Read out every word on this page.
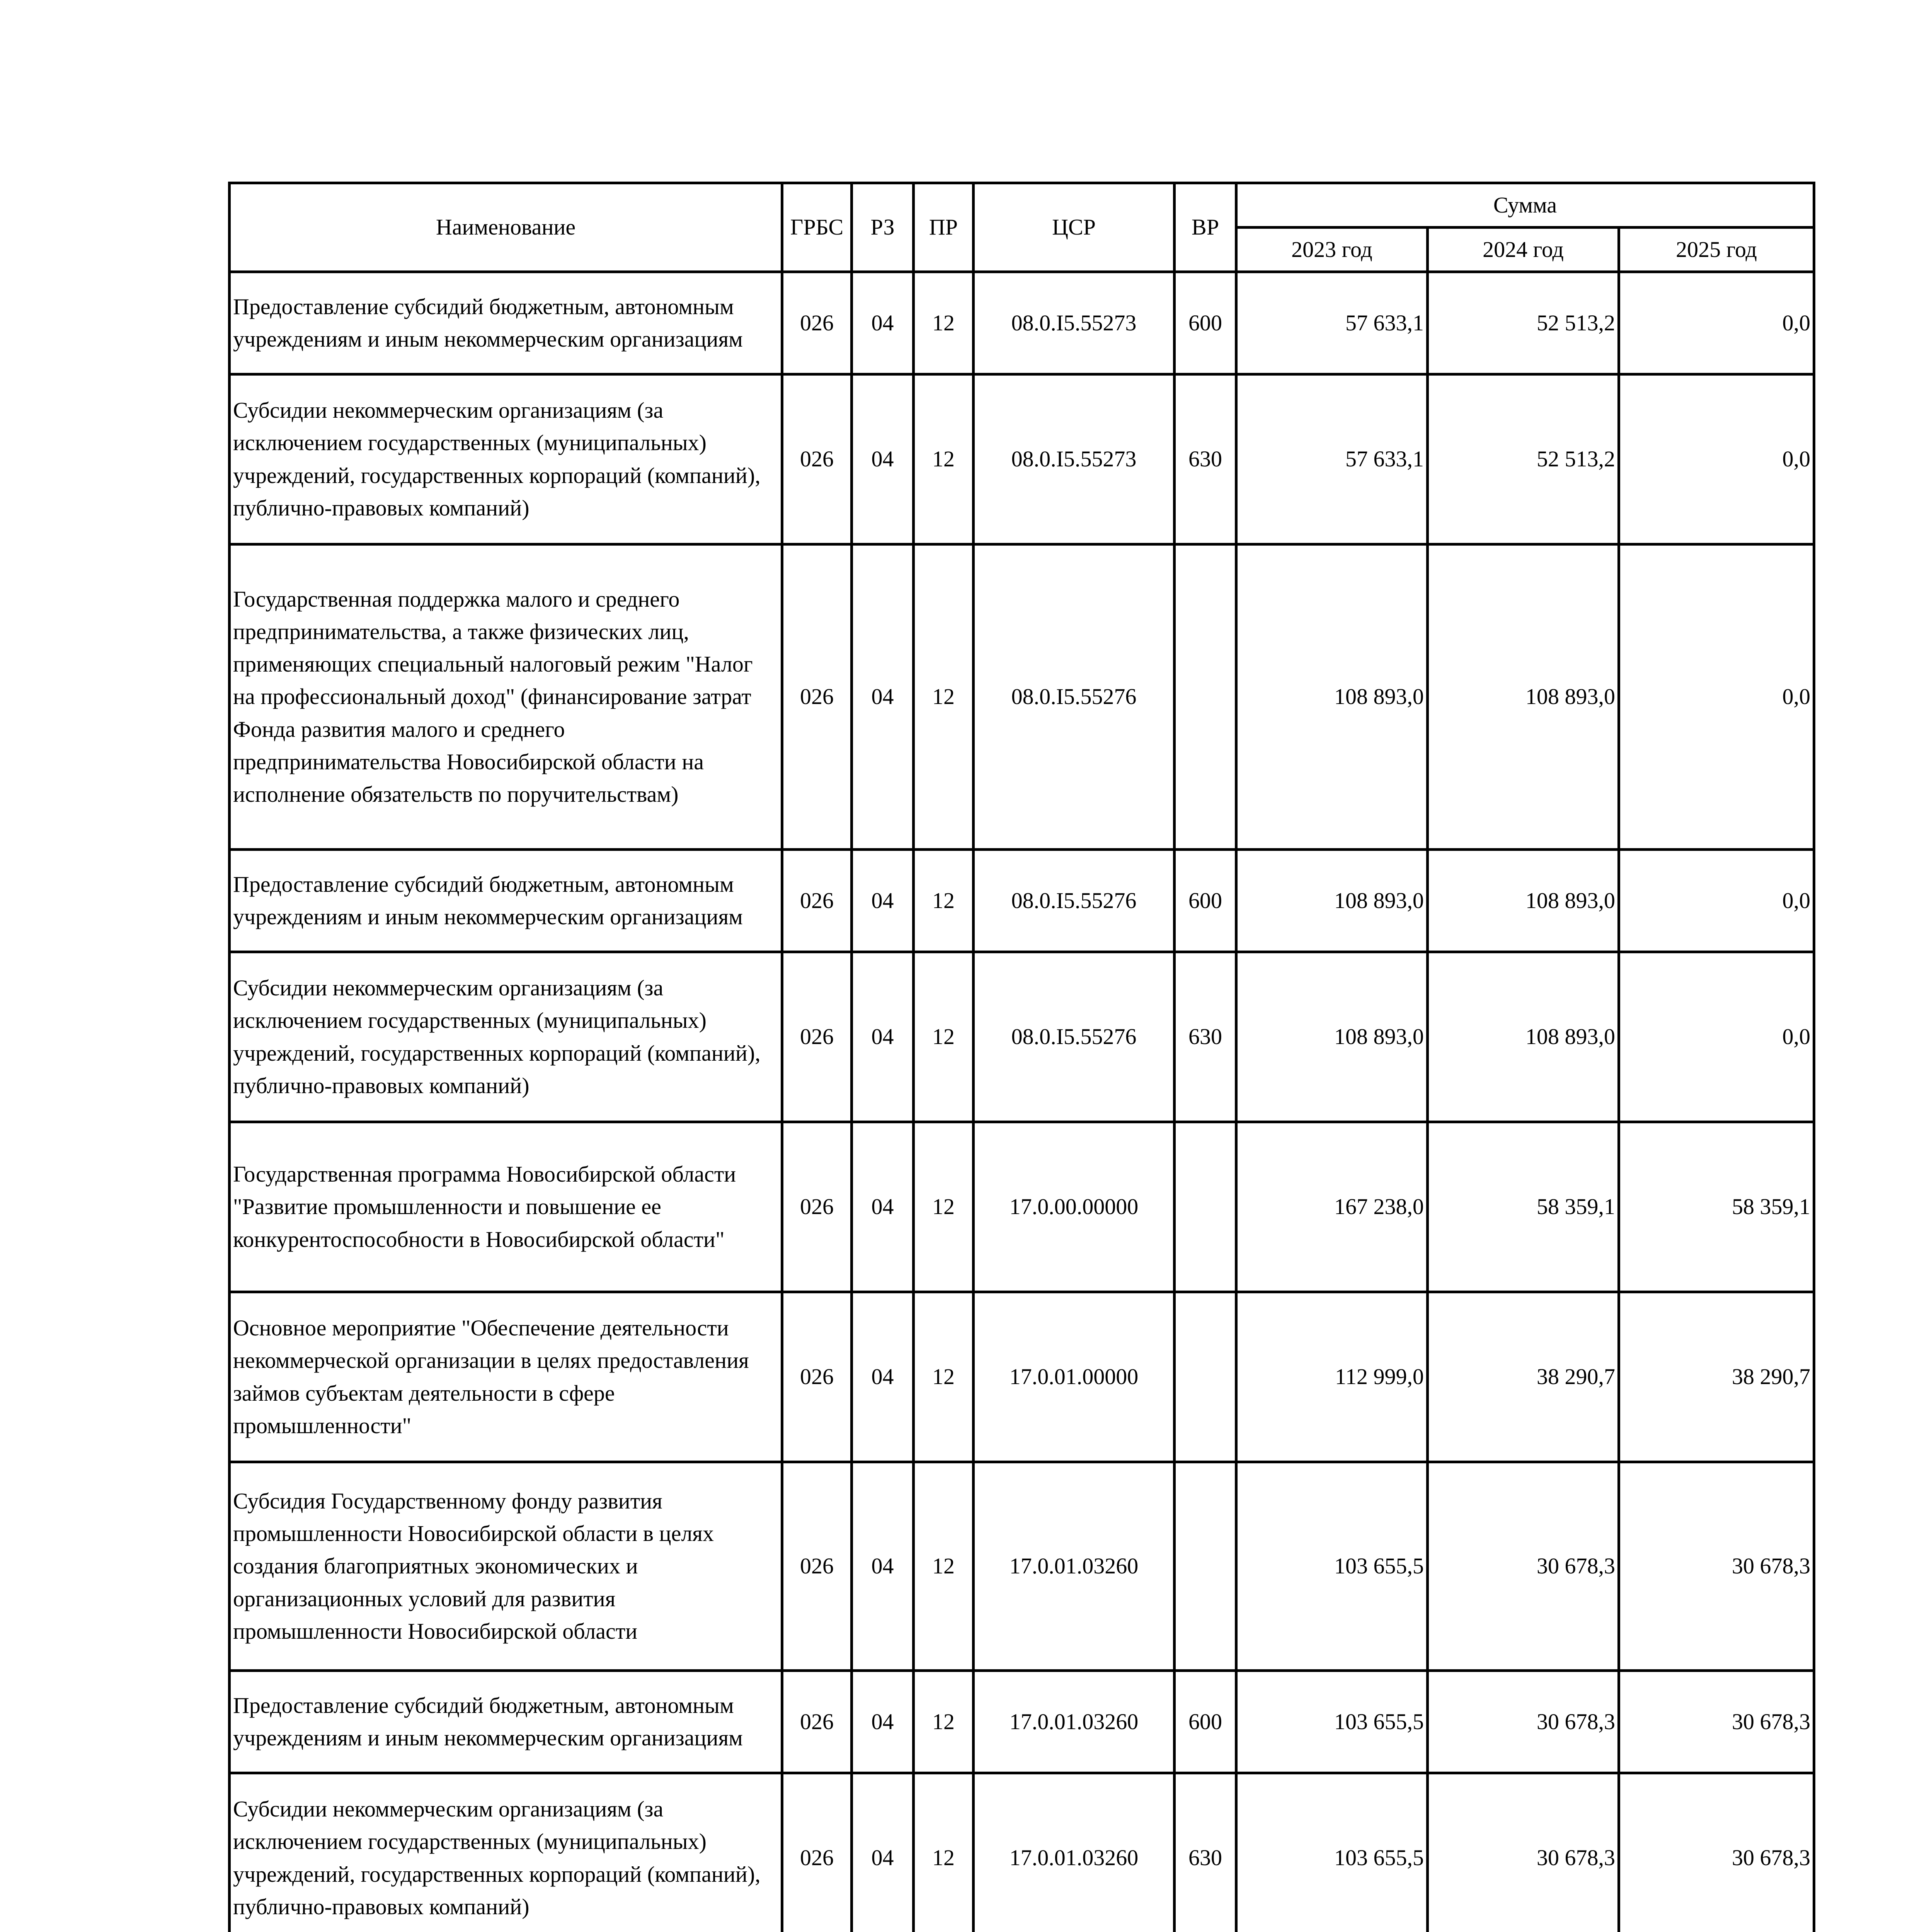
Наименование	ГРБС	РЗ	ПР	ЦСР	ВР	Сумма		
						2023 год	2024 год	2025 год
Предоставление субсидий бюджетным, автономным учреждениям и иным некоммерческим организациям	026	04	12	08.0.I5.55273	600	57 633,1	52 513,2	0,0
Субсидии некоммерческим организациям (за исключением государственных (муниципальных) учреждений, государственных корпораций (компаний), публично-правовых компаний)	026	04	12	08.0.I5.55273	630	57 633,1	52 513,2	0,0
Государственная поддержка малого и среднего предпринимательства, а также физических лиц, применяющих специальный налоговый режим "Налог на профессиональный доход" (финансирование затрат Фонда развития малого и среднего предпринимательства Новосибирской области на исполнение обязательств по поручительствам)	026	04	12	08.0.I5.55276		108 893,0	108 893,0	0,0
Предоставление субсидий бюджетным, автономным учреждениям и иным некоммерческим организациям	026	04	12	08.0.I5.55276	600	108 893,0	108 893,0	0,0
Субсидии некоммерческим организациям (за исключением государственных (муниципальных) учреждений, государственных корпораций (компаний), публично-правовых компаний)	026	04	12	08.0.I5.55276	630	108 893,0	108 893,0	0,0
Государственная программа Новосибирской области "Развитие промышленности и повышение ее конкурентоспособности в Новосибирской области"	026	04	12	17.0.00.00000		167 238,0	58 359,1	58 359,1
Основное мероприятие "Обеспечение деятельности некоммерческой организации в целях предоставления займов субъектам деятельности в сфере промышленности"	026	04	12	17.0.01.00000		112 999,0	38 290,7	38 290,7
Субсидия Государственному фонду развития промышленности Новосибирской области в целях создания благоприятных экономических и организационных условий для развития промышленности Новосибирской области	026	04	12	17.0.01.03260		103 655,5	30 678,3	30 678,3
Предоставление субсидий бюджетным, автономным учреждениям и иным некоммерческим организациям	026	04	12	17.0.01.03260	600	103 655,5	30 678,3	30 678,3
Субсидии некоммерческим организациям (за исключением государственных (муниципальных) учреждений, государственных корпораций (компаний), публично-правовых компаний)	026	04	12	17.0.01.03260	630	103 655,5	30 678,3	30 678,3
